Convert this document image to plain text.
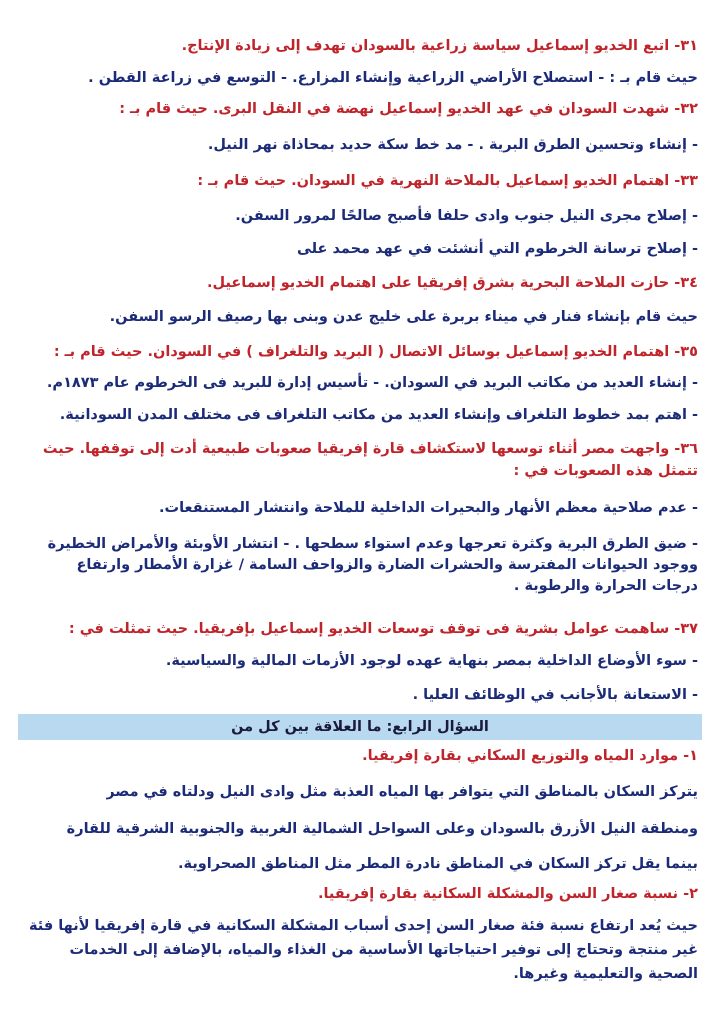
٣١- اتبع الخديو إسماعيل سياسة زراعية بالسودان تهدف إلى زيادة الإنتاج.
حيث قام بـ : - استصلاح الأراضي الزراعية وإنشاء المزارع. - التوسع في زراعة القطن .
٣٢- شهدت السودان في عهد الخديو إسماعيل نهضة في النقل البرى. حيث قام بـ :
- إنشاء وتحسين الطرق البرية . - مد خط سكة حديد بمحاذاة نهر النيل.
٣٣- اهتمام الخديو إسماعيل بالملاحة النهرية في السودان. حيث قام بـ :
- إصلاح مجرى النيل جنوب وادى حلفا فأصبح صالحًا لمرور السفن.
- إصلاح ترسانة الخرطوم التي أنشئت في عهد محمد على
٣٤- حازت الملاحة البحرية بشرق إفريقيا على اهتمام الخديو إسماعيل.
حيث قام بإنشاء فنار في ميناء بربرة على خليج عدن وبنى بها رصيف الرسو السفن.
٣٥- اهتمام الخديو إسماعيل بوسائل الاتصال ( البريد والتلغراف ) في السودان. حيث قام بـ :
- إنشاء العديد من مكاتب البريد في السودان. - تأسيس إدارة للبريد فى الخرطوم عام ١٨٧٣م.
- اهتم بمد خطوط التلغراف وإنشاء العديد من مكاتب التلغراف فى مختلف المدن السودانية.
٣٦- واجهت مصر أثناء توسعها لاستكشاف قارة إفريقيا صعوبات طبيعية أدت إلى توقفها. حيث
تتمثل هذه الصعوبات في :
- عدم صلاحية معظم الأنهار والبحيرات الداخلية للملاحة وانتشار المستنقعات.
- ضيق الطرق البرية وكثرة تعرجها وعدم استواء سطحها . - انتشار الأوبئة والأمراض الخطيرة
ووجود الحيوانات المفترسة والحشرات الضارة والزواحف السامة / غزارة الأمطار وارتفاع
درجات الحرارة والرطوبة .
٣٧- ساهمت عوامل بشرية فى توقف توسعات الخديو إسماعيل بإفريقيا. حيث تمثلت في :
- سوء الأوضاع الداخلية بمصر بنهاية عهده لوجود الأزمات المالية والسياسية.
- الاستعانة بالأجانب في الوظائف العليا .
السؤال الرابع: ما العلاقة بين كل من
١- موارد المياه والتوزيع السكاني بقارة إفريقيا.
يتركز السكان بالمناطق التي يتوافر بها المياه العذبة مثل وادى النيل ودلتاه في مصر
ومنطقة النيل الأزرق بالسودان وعلى السواحل الشمالية الغربية والجنوبية الشرقية للقارة
بينما يقل تركز السكان في المناطق نادرة المطر مثل المناطق الصحراوية.
٢- نسبة صغار السن والمشكلة السكانية بقارة إفريقيا.
حيث يُعد ارتفاع نسبة فئة صغار السن إحدى أسباب المشكلة السكانية في قارة إفريقيا لأنها فئة
غير منتجة وتحتاج إلى توفير احتياجاتها الأساسية من الغذاء والمياه، بالإضافة إلى الخدمات
الصحية والتعليمية وغيرها.
